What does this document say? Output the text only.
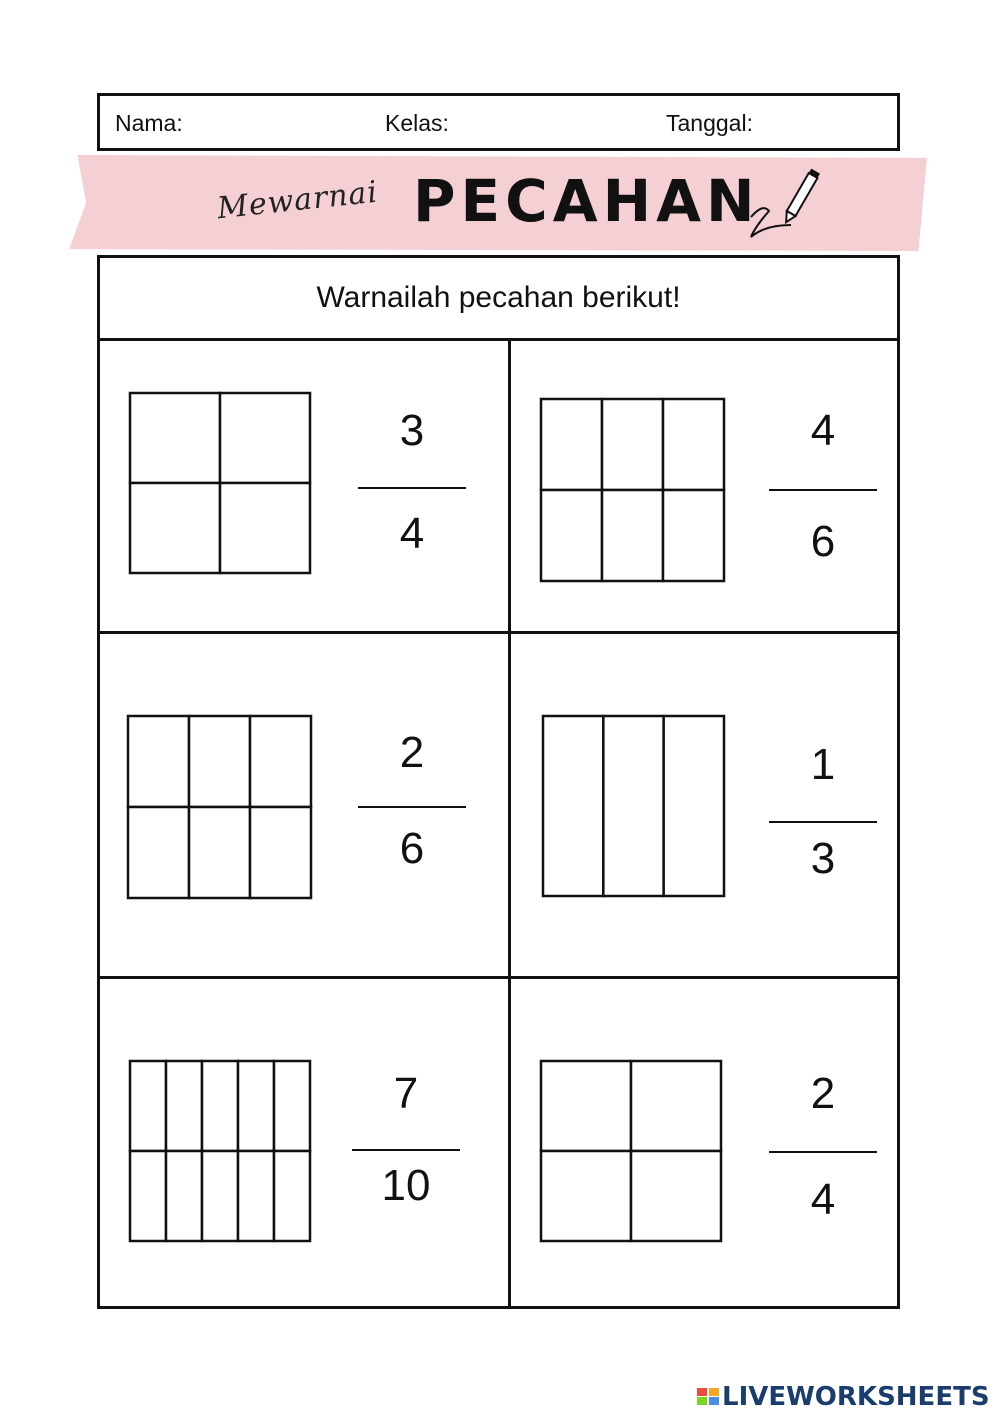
Nama:	Kelas:	Tanggal:
Mewarnai PECAHAN
Warnailah pecahan berikut!
3
4
4
6
2
6
1
3
7
10
2
4
LIVEWORKSHEETS
